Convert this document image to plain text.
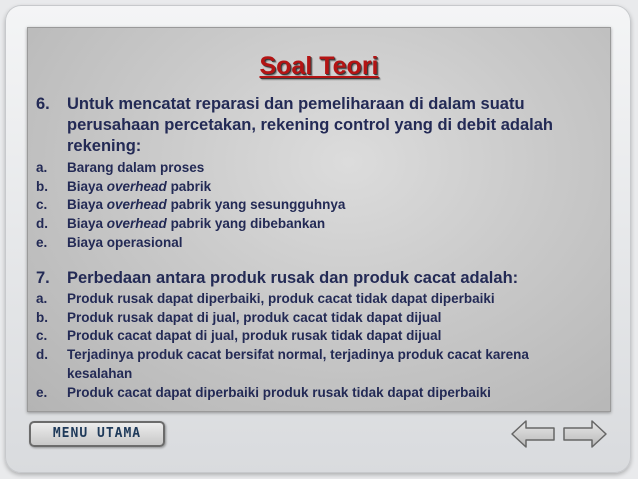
Soal Teori
6. Untuk mencatat reparasi dan pemeliharaan di dalam suatu perusahaan percetakan, rekening control yang di debit adalah rekening:
a. Barang dalam proses
b. Biaya overhead pabrik
c. Biaya overhead pabrik yang sesungguhnya
d. Biaya overhead pabrik yang dibebankan
e. Biaya operasional
7. Perbedaan antara produk rusak dan produk cacat adalah:
a. Produk rusak dapat diperbaiki, produk cacat tidak dapat diperbaiki
b. Produk rusak dapat di jual, produk cacat tidak dapat dijual
c. Produk cacat dapat di jual, produk rusak tidak dapat dijual
d. Terjadinya produk cacat bersifat normal, terjadinya produk cacat karena kesalahan
e. Produk cacat dapat diperbaiki produk rusak tidak dapat diperbaiki
MENU UTAMA
